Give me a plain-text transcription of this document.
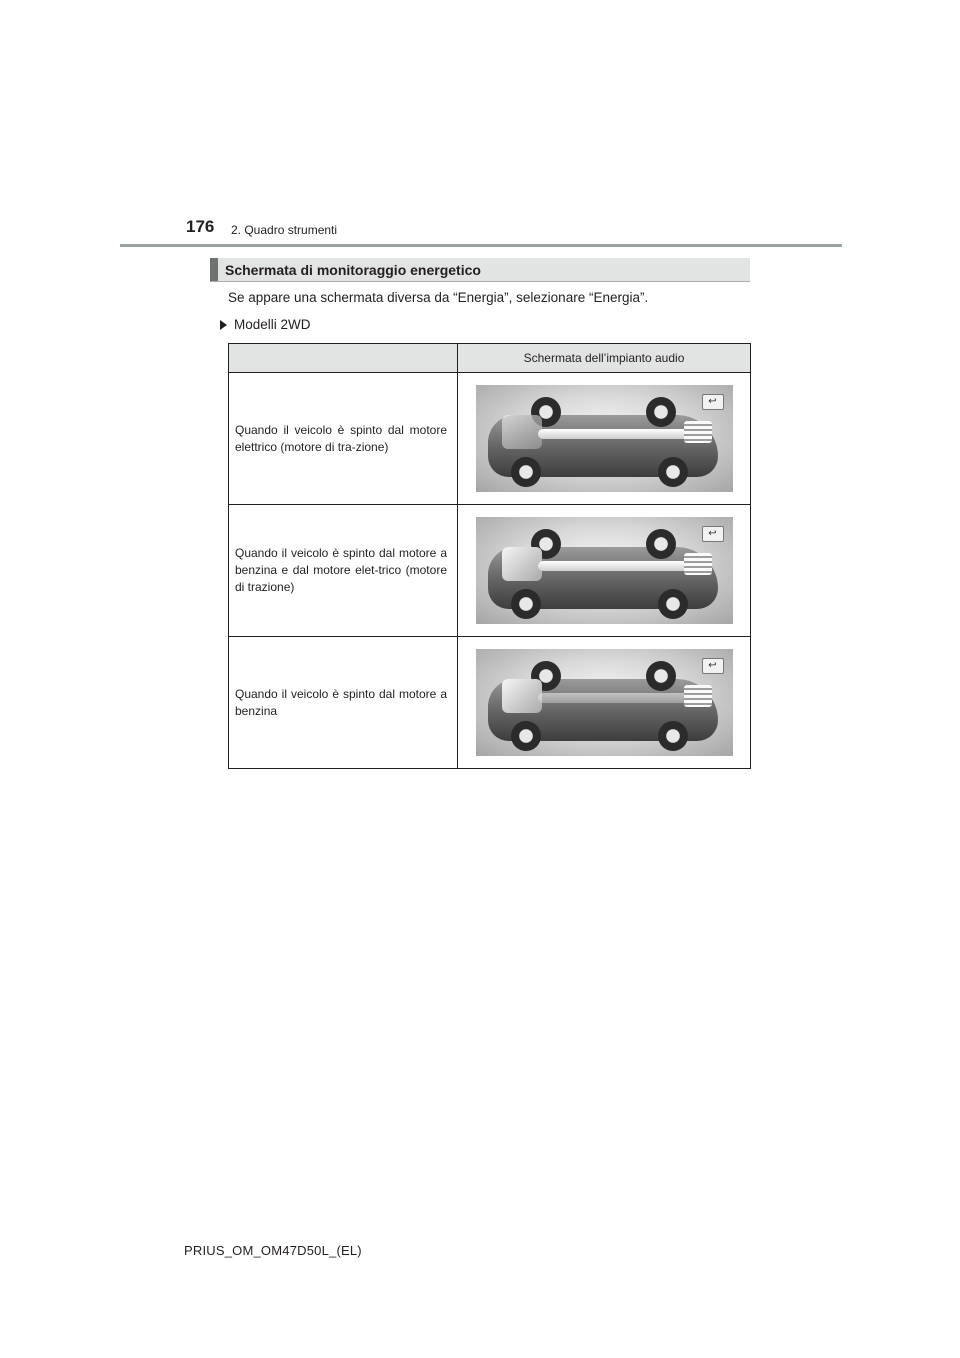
176 2. Quadro strumenti
Schermata di monitoraggio energetico
Se appare una schermata diversa da “Energia”, selezionare “Energia”.
Modelli 2WD
	Schermata dell’impianto audio
Quando il veicolo è spinto dal motore elettrico (motore di tra-zione)	↩

Quando il veicolo è spinto dal motore a benzina e dal motore elet-trico (motore di trazione)	↩

Quando il veicolo è spinto dal motore a benzina	↩
PRIUS_OM_OM47D50L_(EL)
